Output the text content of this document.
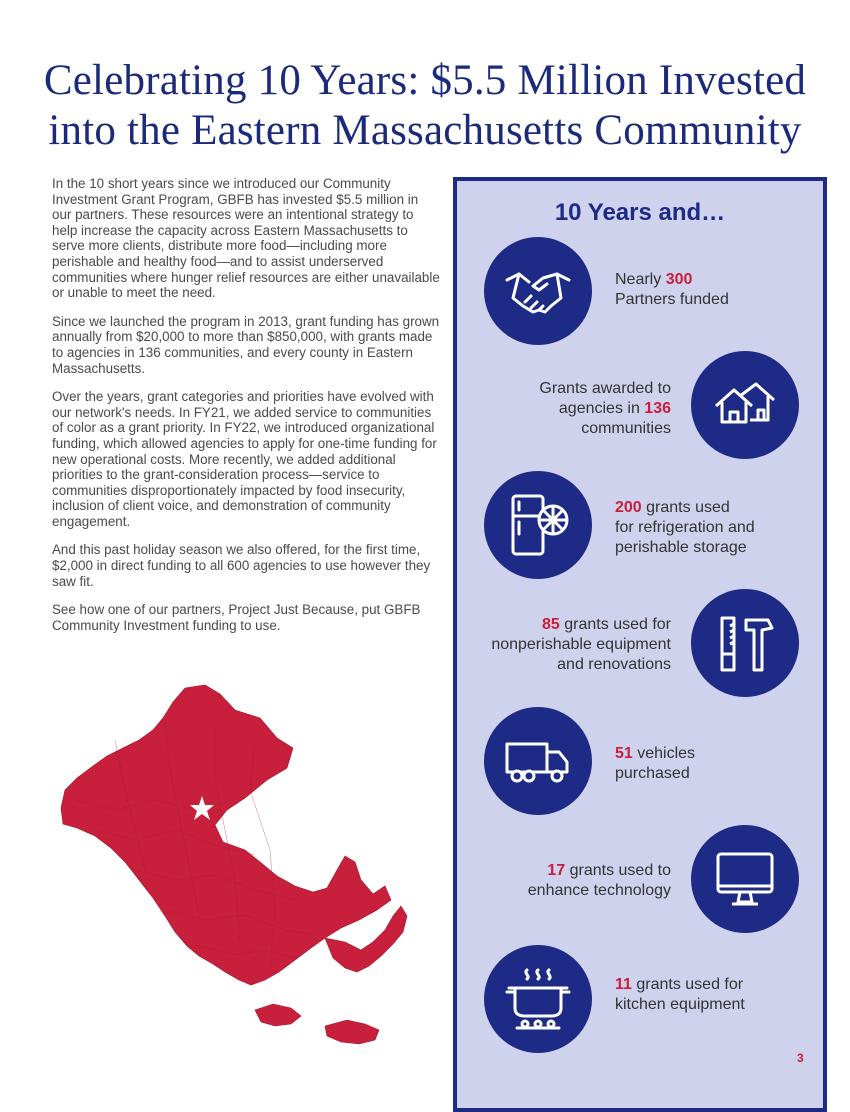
Celebrating 10 Years: $5.5 Million Invested
into the Eastern Massachusetts Community

In the 10 short years since we introduced our Community Investment Grant Program, GBFB has invested $5.5 million in our partners. These resources were an intentional strategy to help increase the capacity across Eastern Massachusetts to serve more clients, distribute more food—including more perishable and healthy food—and to assist underserved communities where hunger relief resources are either unavailable or unable to meet the need.

Since we launched the program in 2013, grant funding has grown annually from $20,000 to more than $850,000, with grants made to agencies in 136 communities, and every county in Eastern Massachusetts.

Over the years, grant categories and priorities have evolved with our network's needs. In FY21, we added service to communities of color as a grant priority. In FY22, we introduced organizational funding, which allowed agencies to apply for one-time funding for new operational costs. More recently, we added additional priorities to the grant-consideration process—service to communities disproportionately impacted by food insecurity, inclusion of client voice, and demonstration of community engagement.

And this past holiday season we also offered, for the first time, $2,000 in direct funding to all 600 agencies to use however they saw fit.

See how one of our partners, Project Just Because, put GBFB Community Investment funding to use.

10 Years and…
Nearly 300
Partners funded
Grants awarded to
agencies in 136
communities
200 grants used
for refrigeration and
perishable storage
85 grants used for
nonperishable equipment
and renovations
51 vehicles
purchased
17 grants used to
enhance technology
11 grants used for
kitchen equipment
3
